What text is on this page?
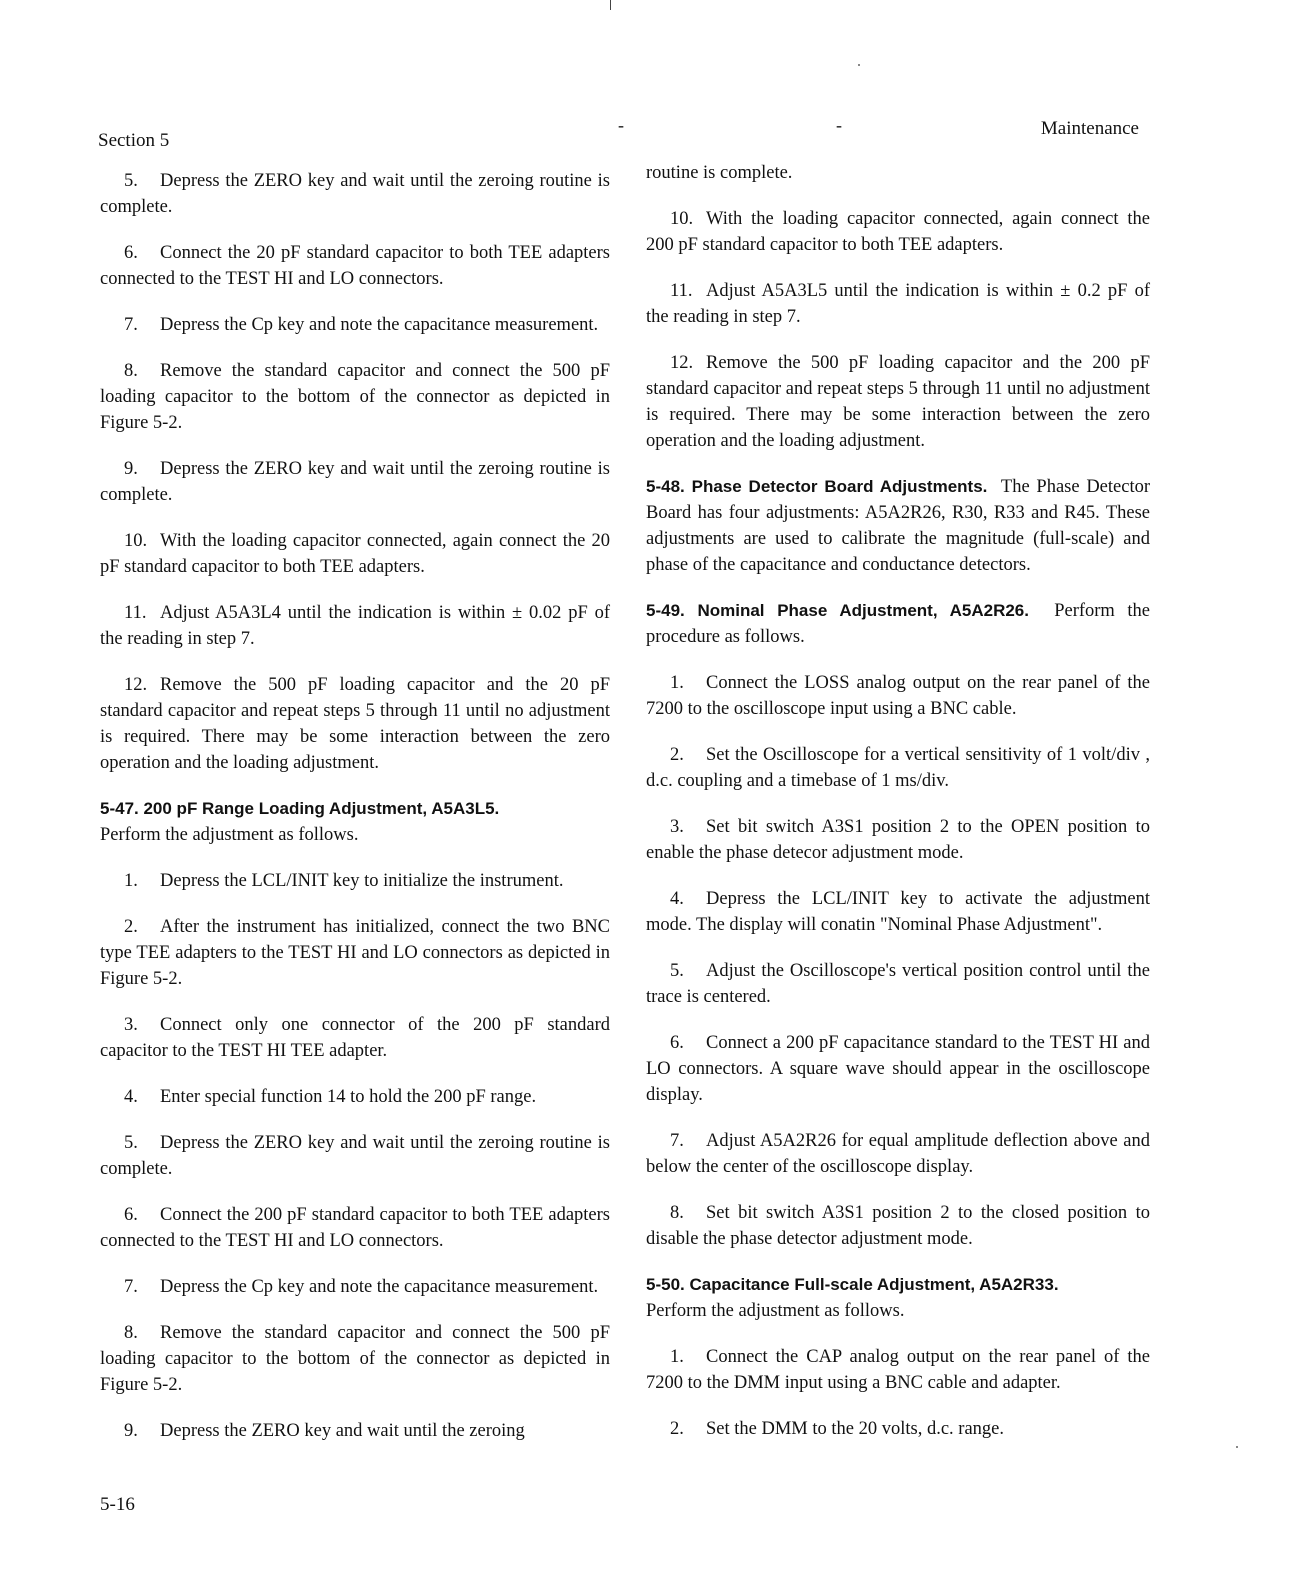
Section 5
-	-	Maintenance

5. Depress the ZERO key and wait until the zeroing routine is complete.

6. Connect the 20 pF standard capacitor to both TEE adapters connected to the TEST HI and LO connectors.

7. Depress the Cp key and note the capacitance measurement.

8. Remove the standard capacitor and connect the 500 pF loading capacitor to the bottom of the connector as depicted in Figure 5-2.

9. Depress the ZERO key and wait until the zeroing routine is complete.

10. With the loading capacitor connected, again connect the 20 pF standard capacitor to both TEE adapters.

11. Adjust A5A3L4 until the indication is within ± 0.02 pF of the reading in step 7.

12. Remove the 500 pF loading capacitor and the 20 pF standard capacitor and repeat steps 5 through 11 until no adjustment is required. There may be some interaction between the zero operation and the loading adjustment.

5-47. 200 pF Range Loading Adjustment, A5A3L5.
Perform the adjustment as follows.

1. Depress the LCL/INIT key to initialize the instrument.

2. After the instrument has initialized, connect the two BNC type TEE adapters to the TEST HI and LO connectors as depicted in Figure 5-2.

3. Connect only one connector of the 200 pF standard capacitor to the TEST HI TEE adapter.

4. Enter special function 14 to hold the 200 pF range.

5. Depress the ZERO key and wait until the zeroing routine is complete.

6. Connect the 200 pF standard capacitor to both TEE adapters connected to the TEST HI and LO connectors.

7. Depress the Cp key and note the capacitance measurement.

8. Remove the standard capacitor and connect the 500 pF loading capacitor to the bottom of the connector as depicted in Figure 5-2.

9. Depress the ZERO key and wait until the zeroing

routine is complete.

10. With the loading capacitor connected, again connect the 200 pF standard capacitor to both TEE adapters.

11. Adjust A5A3L5 until the indication is within ± 0.2 pF of the reading in step 7.

12. Remove the 500 pF loading capacitor and the 200 pF standard capacitor and repeat steps 5 through 11 until no adjustment is required. There may be some interaction between the zero operation and the loading adjustment.

5-48. Phase Detector Board Adjustments. The Phase Detector Board has four adjustments: A5A2R26, R30, R33 and R45. These adjustments are used to calibrate the magnitude (full-scale) and phase of the capacitance and conductance detectors.

5-49. Nominal Phase Adjustment, A5A2R26. Perform the procedure as follows.

1. Connect the LOSS analog output on the rear panel of the 7200 to the oscilloscope input using a BNC cable.

2. Set the Oscilloscope for a vertical sensitivity of 1 volt/div , d.c. coupling and a timebase of 1 ms/div.

3. Set bit switch A3S1 position 2 to the OPEN position to enable the phase detecor adjustment mode.

4. Depress the LCL/INIT key to activate the adjustment mode. The display will conatin "Nominal Phase Adjustment".

5. Adjust the Oscilloscope's vertical position control until the trace is centered.

6. Connect a 200 pF capacitance standard to the TEST HI and LO connectors. A square wave should appear in the oscilloscope display.

7. Adjust A5A2R26 for equal amplitude deflection above and below the center of the oscilloscope display.

8. Set bit switch A3S1 position 2 to the closed position to disable the phase detector adjustment mode.

5-50. Capacitance Full-scale Adjustment, A5A2R33.
Perform the adjustment as follows.

1. Connect the CAP analog output on the rear panel of the 7200 to the DMM input using a BNC cable and adapter.

2. Set the DMM to the 20 volts, d.c. range.

5-16
